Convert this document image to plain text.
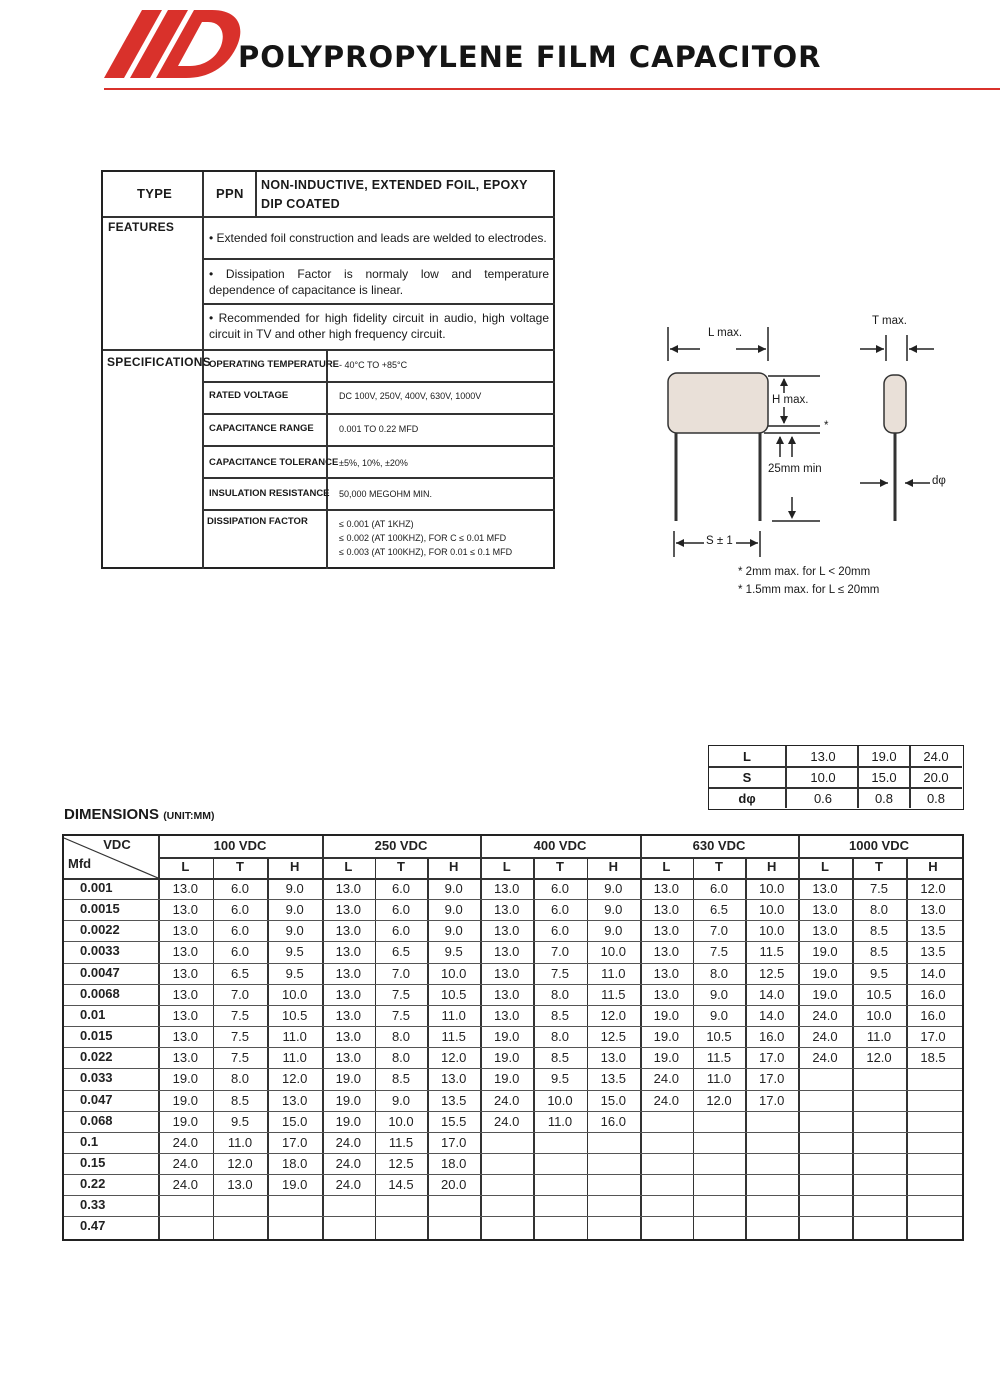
POLYPROPYLENE FILM CAPACITOR
TYPE	PPN
NON-INDUCTIVE, EXTENDED FOIL, EPOXY
DIP COATED
FEATURES
• Extended foil construction and leads are welded to electrodes.
• Dissipation Factor is normaly low and temperature dependence of capacitance is linear.
• Recommended for high fidelity circuit in audio, high voltage circuit in TV and other high frequency circuit.
SPECIFICATIONS
OPERATING TEMPERATURE - 40°C TO +85°C
RATED VOLTAGE	DC 100V, 250V, 400V, 630V, 1000V
CAPACITANCE RANGE	0.001 TO 0.22 MFD
CAPACITANCE TOLERANCE ±5%, 10%, ±20%
INSULATION RESISTANCE 50,000 MEGOHM MIN.
DISSIPATION FACTOR	≤ 0.001 (AT 1KHZ)
≤ 0.002 (AT 100KHZ), FOR C ≤ 0.01 MFD
≤ 0.003 (AT 100KHZ), FOR 0.01 ≤ 0.1 MFD
L max.
T max.
H max.
*
25mm min
dφ
S ± 1
* 2mm max. for L < 20mm
* 1.5mm max. for L ≤ 20mm
L	13.0	19.0	24.0
S	10.0	15.0	20.0
dφ	0.6	0.8	0.8
DIMENSIONS (UNIT:MM)
VDC
Mfd
100 VDC
L	T	H
250 VDC
L	T	H
400 VDC
L	T	H
630 VDC
L	T	H
1000 VDC
L	T	H
0.001	13.0	6.0	9.0	13.0	6.0	9.0	13.0	6.0	9.0	13.0	6.0	10.0	13.0	7.5	12.0
0.0015	13.0	6.0	9.0	13.0	6.0	9.0	13.0	6.0	9.0	13.0	6.5	10.0	13.0	8.0	13.0
0.0022	13.0	6.0	9.0	13.0	6.0	9.0	13.0	6.0	9.0	13.0	7.0	10.0	13.0	8.5	13.5
0.0033	13.0	6.0	9.5	13.0	6.5	9.5	13.0	7.0	10.0	13.0	7.5	11.5	19.0	8.5	13.5
0.0047	13.0	6.5	9.5	13.0	7.0	10.0	13.0	7.5	11.0	13.0	8.0	12.5	19.0	9.5	14.0
0.0068	13.0	7.0	10.0	13.0	7.5	10.5	13.0	8.0	11.5	13.0	9.0	14.0	19.0	10.5	16.0
0.01	13.0	7.5	10.5	13.0	7.5	11.0	13.0	8.5	12.0	19.0	9.0	14.0	24.0	10.0	16.0
0.015	13.0	7.5	11.0	13.0	8.0	11.5	19.0	8.0	12.5	19.0	10.5	16.0	24.0	11.0	17.0
0.022	13.0	7.5	11.0	13.0	8.0	12.0	19.0	8.5	13.0	19.0	11.5	17.0	24.0	12.0	18.5
0.033	19.0	8.0	12.0	19.0	8.5	13.0	19.0	9.5	13.5	24.0	11.0	17.0
0.047	19.0	8.5	13.0	19.0	9.0	13.5	24.0	10.0	15.0	24.0	12.0	17.0
0.068	19.0	9.5	15.0	19.0	10.0	15.5	24.0	11.0	16.0
0.1	24.0	11.0	17.0	24.0	11.5	17.0
0.15	24.0	12.0	18.0	24.0	12.5	18.0
0.22	24.0	13.0	19.0	24.0	14.5	20.0
0.33
0.47
